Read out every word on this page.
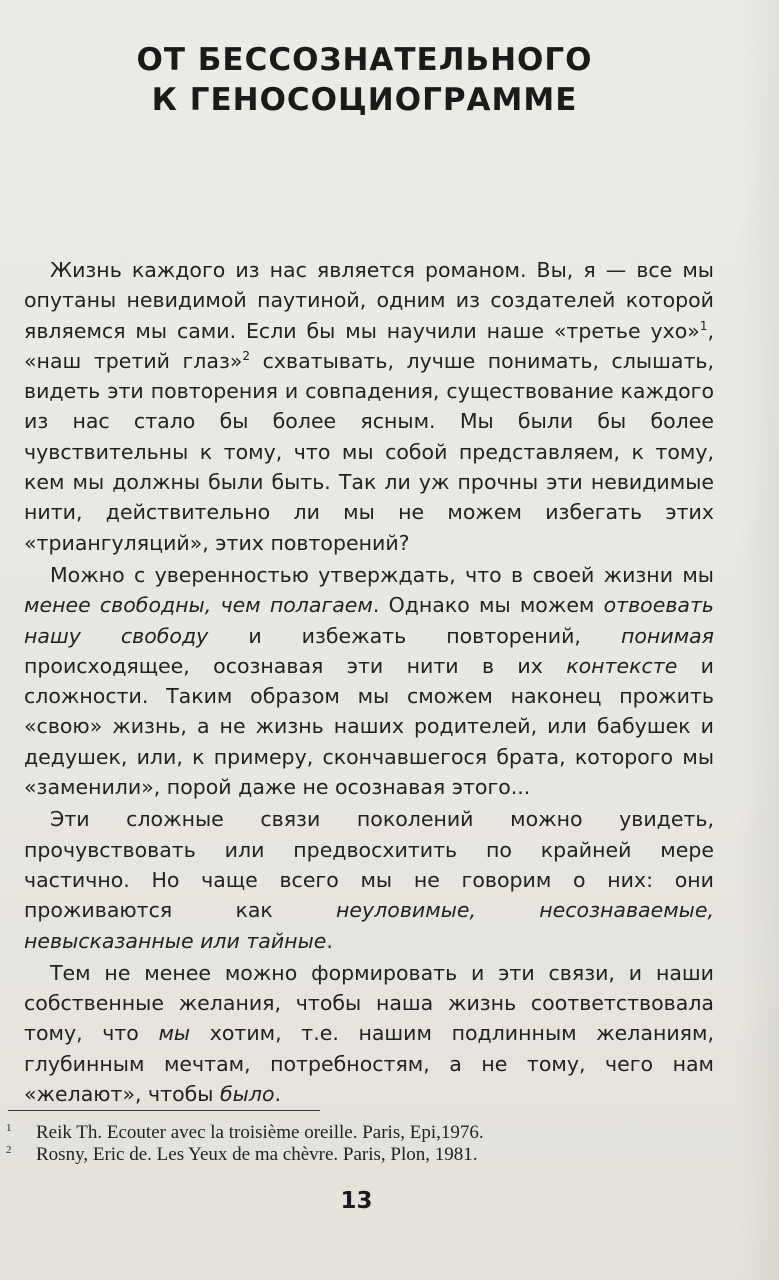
ОТ БЕССОЗНАТЕЛЬНОГО
К ГЕНОСОЦИОГРАММЕ

Жизнь каждого из нас является романом. Вы, я — все мы опутаны невидимой паутиной, одним из создателей которой являемся мы сами. Если бы мы научили наше «третье ухо»$^1$, «наш третий глаз»$^2$ схватывать, лучше понимать, слышать, видеть эти повторения и совпадения, существование каждого из нас стало бы более ясным. Мы были бы более чувствительны к тому, что мы собой представляем, к тому, кем мы должны были быть. Так ли уж прочны эти невидимые нити, действительно ли мы не можем избегать этих «триангуляций», этих повторений?

Можно с уверенностью утверждать, что в своей жизни мы менее свободны, чем полагаем. Однако мы можем отвоевать нашу свободу и избежать повторений, понимая происходящее, осознавая эти нити в их контексте и сложности. Таким образом мы сможем наконец прожить «свою» жизнь, а не жизнь наших родителей, или бабушек и дедушек, или, к примеру, скончавшегося брата, которого мы «заменили», порой даже не осознавая этого...

Эти сложные связи поколений можно увидеть, прочувствовать или предвосхитить по крайней мере частично. Но чаще всего мы не говорим о них: они проживаются как неуловимые, несознаваемые, невысказанные или тайные.

Тем не менее можно формировать и эти связи, и наши собственные желания, чтобы наша жизнь соответствовала тому, что мы хотим, т.е. нашим подлинным желаниям, глубинным мечтам, потребностям, а не тому, чего нам «желают», чтобы было.

1	Reik Th. Ecouter avec la troisième oreille. Paris, Epi,1976.
2	Rosny, Eric de. Les Yeux de ma chèvre. Paris, Plon, 1981.
13
